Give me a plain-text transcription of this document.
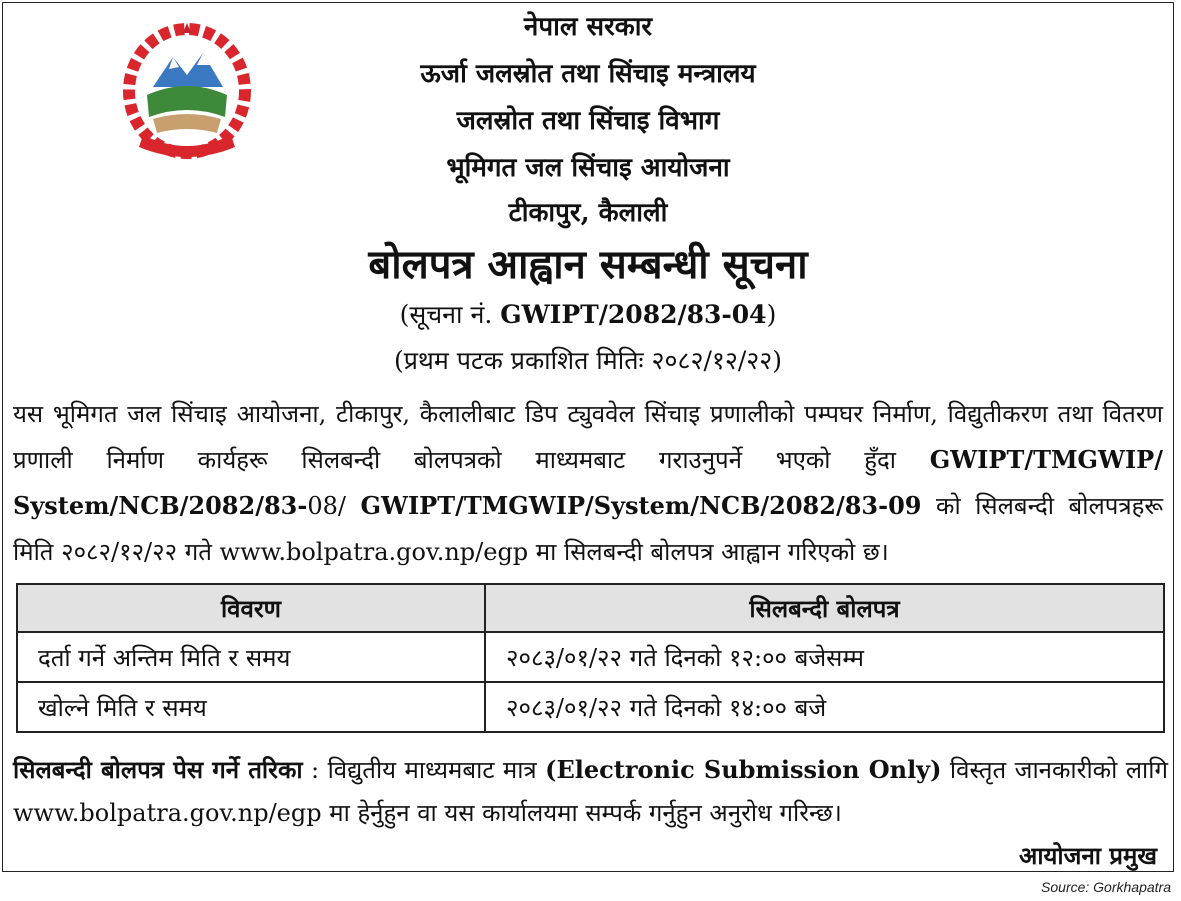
नेपाल सरकार
ऊर्जा जलस्रोत तथा सिंचाइ मन्त्रालय
जलस्रोत तथा सिंचाइ विभाग
भूमिगत जल सिंचाइ आयोजना
टीकापुर, कैलाली
बोलपत्र आह्वान सम्बन्धी सूचना
(सूचना नं. GWIPT/2082/83-04)
(प्रथम पटक प्रकाशित मितिः २०८२/१२/२२)
यस भूमिगत जल सिंचाइ आयोजना, टीकापुर, कैलालीबाट डिप ट्युववेल सिंचाइ प्रणालीको पम्पघर निर्माण, विद्युतीकरण तथा वितरण प्रणाली निर्माण कार्यहरू सिलबन्दी बोलपत्रको माध्यमबाट गराउनुपर्ने भएको हुँदा GWIPT/TMGWIP/ System/NCB/2082/83-08/ GWIPT/TMGWIP/System/NCB/2082/83-09 को सिलबन्दी बोलपत्रहरू मिति २०८२/१२/२२ गते www.bolpatra.gov.np/egp मा सिलबन्दी बोलपत्र आह्वान गरिएको छ।
विवरण	सिलबन्दी बोलपत्र
दर्ता गर्ने अन्तिम मिति र समय	२०८३/०१/२२ गते दिनको १२:०० बजेसम्म
खोल्ने मिति र समय	२०८३/०१/२२ गते दिनको १४:०० बजे
सिलबन्दी बोलपत्र पेस गर्ने तरिका : विद्युतीय माध्यमबाट मात्र (Electronic Submission Only) विस्तृत जानकारीको लागि www.bolpatra.gov.np/egp मा हेर्नुहुन वा यस कार्यालयमा सम्पर्क गर्नुहुन अनुरोध गरिन्छ।
आयोजना प्रमुख
Source: Gorkhapatra
